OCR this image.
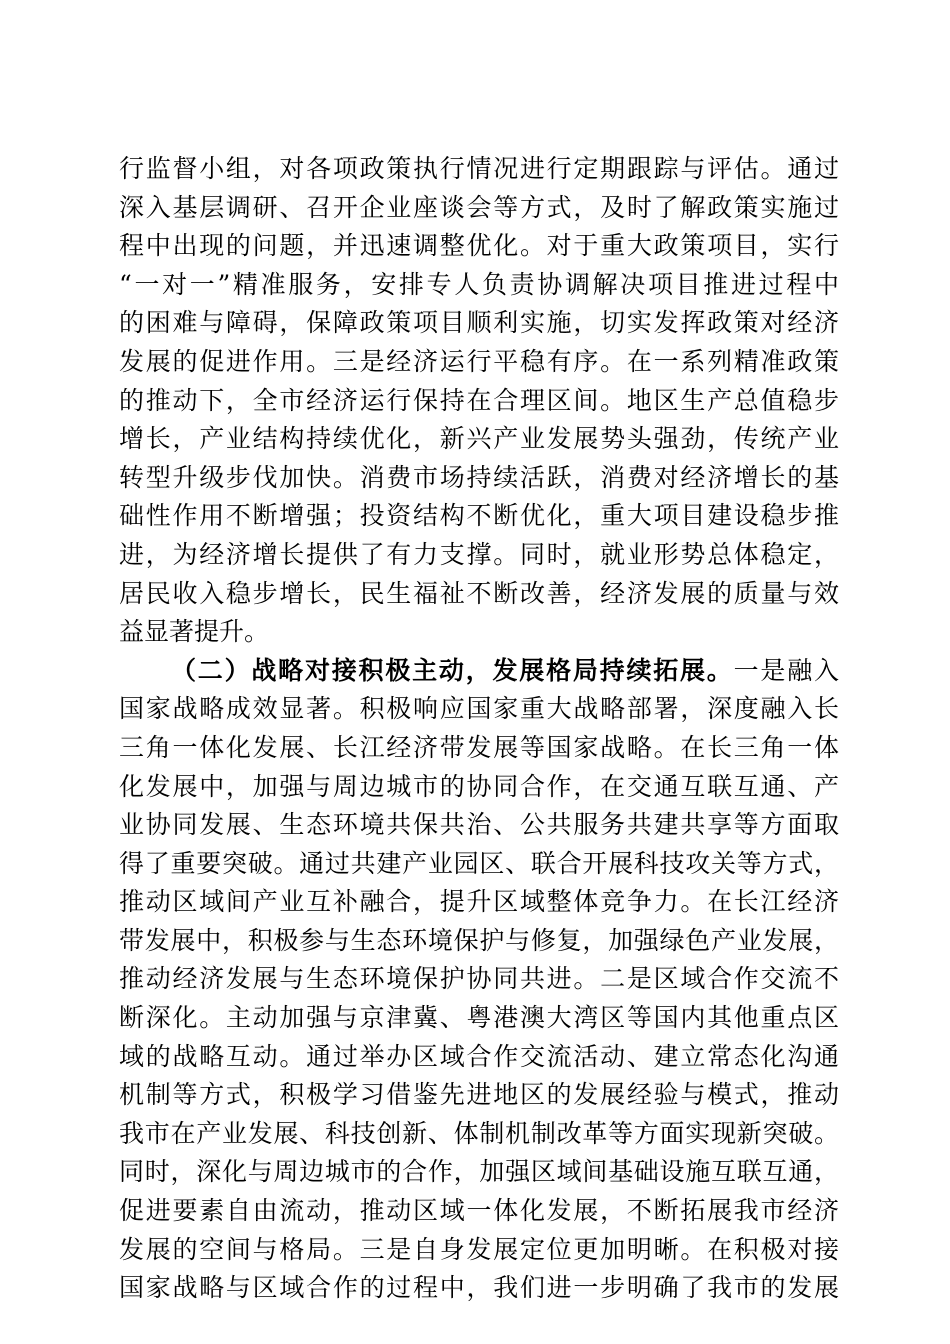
行监督小组，对各项政策执行情况进行定期跟踪与评估。通过
深入基层调研、召开企业座谈会等方式，及时了解政策实施过
程中出现的问题，并迅速调整优化。对于重大政策项目，实行
“一对一”精准服务，安排专人负责协调解决项目推进过程中
的困难与障碍，保障政策项目顺利实施，切实发挥政策对经济
发展的促进作用。三是经济运行平稳有序。在一系列精准政策
的推动下，全市经济运行保持在合理区间。地区生产总值稳步
增长，产业结构持续优化，新兴产业发展势头强劲，传统产业
转型升级步伐加快。消费市场持续活跃，消费对经济增长的基
础性作用不断增强；投资结构不断优化，重大项目建设稳步推
进，为经济增长提供了有力支撑。同时，就业形势总体稳定，
居民收入稳步增长，民生福祉不断改善，经济发展的质量与效
益显著提升。
（二）战略对接积极主动，发展格局持续拓展。一是融入
国家战略成效显著。积极响应国家重大战略部署，深度融入长
三角一体化发展、长江经济带发展等国家战略。在长三角一体
化发展中，加强与周边城市的协同合作，在交通互联互通、产
业协同发展、生态环境共保共治、公共服务共建共享等方面取
得了重要突破。通过共建产业园区、联合开展科技攻关等方式，
推动区域间产业互补融合，提升区域整体竞争力。在长江经济
带发展中，积极参与生态环境保护与修复，加强绿色产业发展，
推动经济发展与生态环境保护协同共进。二是区域合作交流不
断深化。主动加强与京津冀、粤港澳大湾区等国内其他重点区
域的战略互动。通过举办区域合作交流活动、建立常态化沟通
机制等方式，积极学习借鉴先进地区的发展经验与模式，推动
我市在产业发展、科技创新、体制机制改革等方面实现新突破。
同时，深化与周边城市的合作，加强区域间基础设施互联互通，
促进要素自由流动，推动区域一体化发展，不断拓展我市经济
发展的空间与格局。三是自身发展定位更加明晰。在积极对接
国家战略与区域合作的过程中，我们进一步明确了我市的发展
